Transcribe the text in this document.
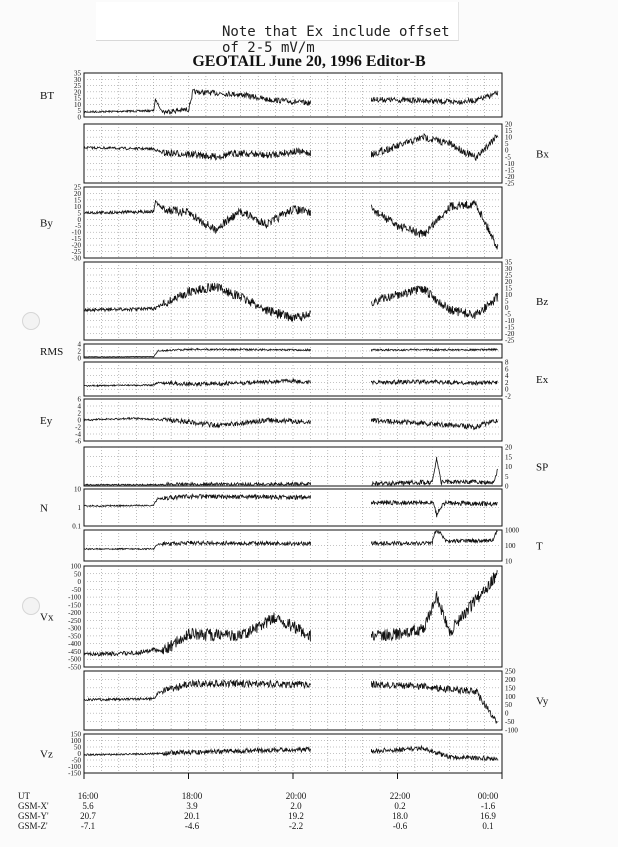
Note that Ex include offset of 2-5 mV/m
GEOTAIL June 20, 1996 Editor-B
35
30
25
20
15
10
5
0
BT
20
15
10
5
0
-5
-10
-15
-20
-25
Bx
25
20
15
10
5
0
-5
-10
-15
-20
-25
-30
By
35
30
25
20
15
10
5
0
-5
-10
-15
-20
-25
Bz
4
2
0
RMS
8
6
4
2
0
-2
Ex
6
4
2
0
-2
-4
-6
Ey
20
15
10
5
0
SP
10
1
0.1
N
1000
100
10
T
100
50
0
-50
-100
-150
-200
-250
-300
-350
-400
-450
-500
-550
Vx
250
200
150
100
50
0
-50
-100
Vy
150
100
50
0
-50
-100
-150
Vz
UT	16:00	18:00	20:00	22:00	00:00
GSM-X'	5.6	3.9	2.0	0.2	-1.6
GSM-Y'	20.7	20.1	19.2	18.0	16.9
GSM-Z'	-7.1	-4.6	-2.2	-0.6	0.1
